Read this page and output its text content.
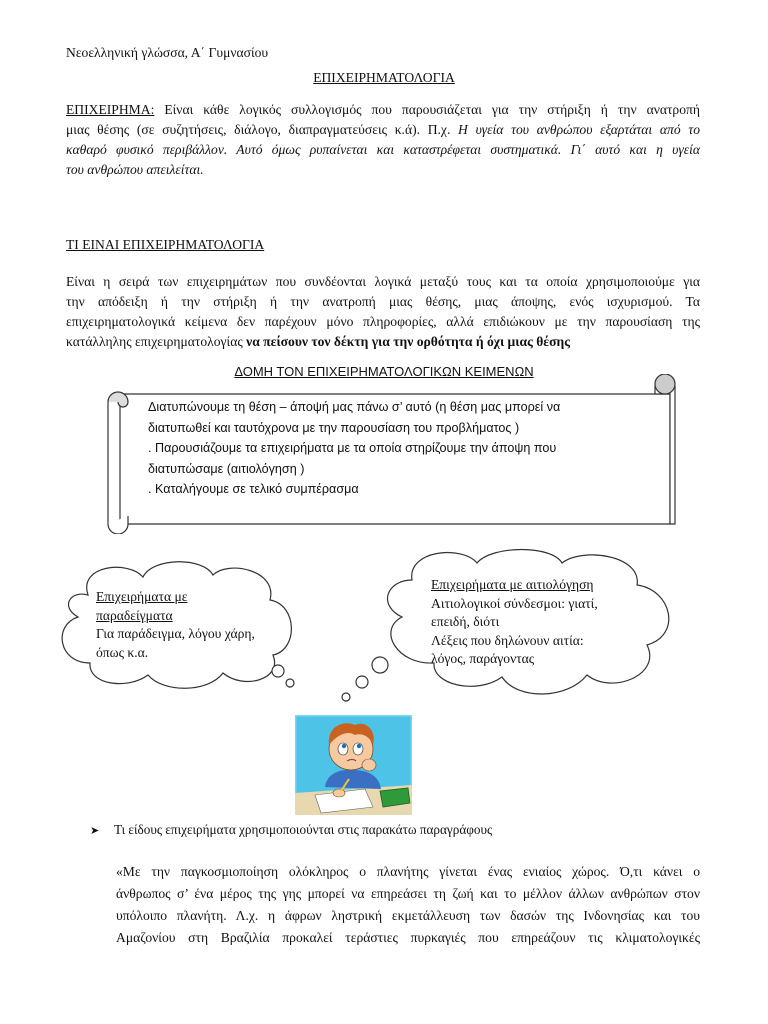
Νεοελληνική γλώσσα, Α΄ Γυμνασίου
ΕΠΙΧΕΙΡΗΜΑΤΟΛΟΓΙΑ
ΕΠΙΧΕΙΡΗΜΑ: Είναι κάθε λογικός συλλογισμός που παρουσιάζεται για την στήριξη ή την ανατροπή
μιας θέσης (σε συζητήσεις, διάλογο, διαπραγματεύσεις κ.ά). Π.χ. Η υγεία του ανθρώπου εξαρτάται από το
καθαρό φυσικό περιβάλλον. Αυτό όμως ρυπαίνεται και καταστρέφεται συστηματικά. Γι΄ αυτό και η υγεία
του ανθρώπου απειλείται.
ΤΙ ΕΙΝΑΙ ΕΠΙΧΕΙΡΗΜΑΤΟΛΟΓΙΑ
Είναι η σειρά των επιχειρημάτων που συνδέονται λογικά μεταξύ τους και τα οποία χρησιμοποιούμε για
την απόδειξη ή την στήριξη ή την ανατροπή μιας θέσης, μιας άποψης, ενός ισχυρισμού. Τα
επιχειρηματολογικά κείμενα δεν παρέχουν μόνο πληροφορίες, αλλά επιδιώκουν με την παρουσίαση της
κατάλληλης επιχειρηματολογίας να πείσουν τον δέκτη για την ορθότητα ή όχι μιας θέσης
ΔΟΜΗ ΤΟΝ ΕΠΙΧΕΙΡΗΜΑΤΟΛΟΓΙΚΩΝ ΚΕΙΜΕΝΩΝ
Διατυπώνουμε τη θέση – άποψή μας πάνω σ’ αυτό (η θέση μας μπορεί να
διατυπωθεί και ταυτόχρονα με την παρουσίαση του προβλήματος )
. Παρουσιάζουμε τα επιχειρήματα με τα οποία στηρίζουμε την άποψη που
διατυπώσαμε (αιτιολόγηση )
. Καταλήγουμε σε τελικό συμπέρασμα
Επιχειρήματα με
παραδείγματα
Για παράδειγμα, λόγου χάρη,
όπως κ.α.
Επιχειρήματα με αιτιολόγηση
Αιτιολογικοί σύνδεσμοι: γιατί,
επειδή, διότι
Λέξεις που δηλώνουν αιτία:
λόγος, παράγοντας
➤ Τι είδους επιχειρήματα χρησιμοποιούνται στις παρακάτω παραγράφους
«Με την παγκοσμιοποίηση ολόκληρος ο πλανήτης γίνεται ένας ενιαίος χώρος. Ό,τι κάνει ο
άνθρωπος σ’ ένα μέρος της γης μπορεί να επηρεάσει τη ζωή και το μέλλον άλλων ανθρώπων στον
υπόλοιπο πλανήτη. Λ.χ. η άφρων ληστρική εκμετάλλευση των δασών της Ινδονησίας και του
Αμαζονίου στη Βραζιλία προκαλεί τεράστιες πυρκαγιές που επηρεάζουν τις κλιματολογικές
